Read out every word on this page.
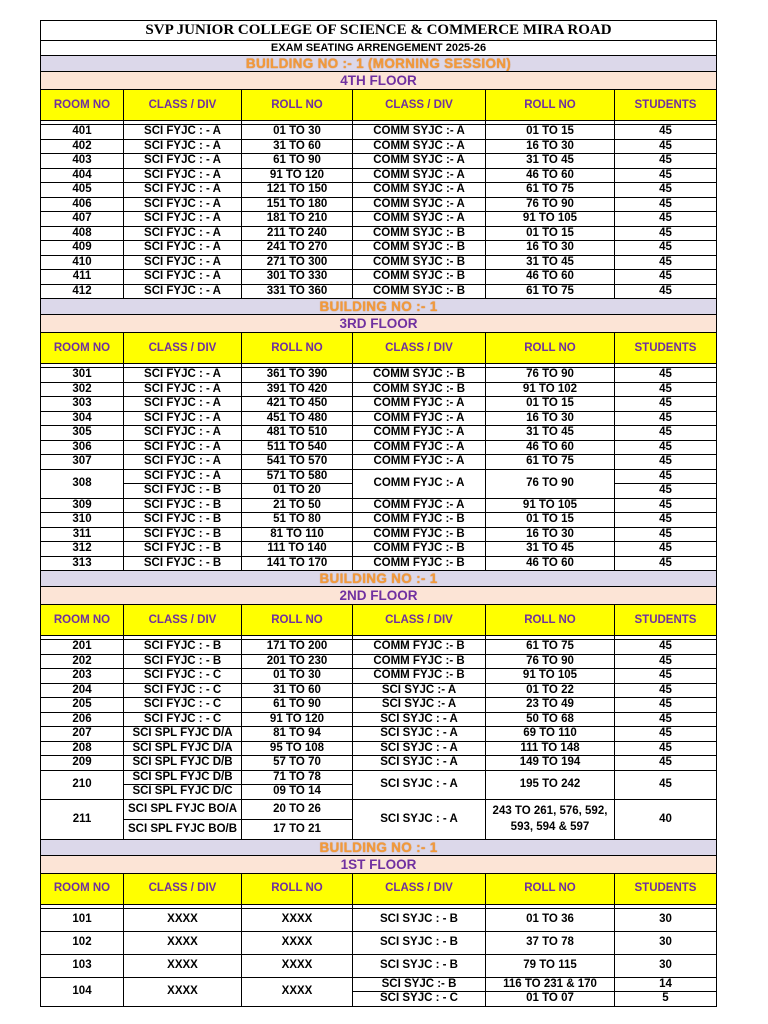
SVP JUNIOR COLLEGE OF SCIENCE & COMMERCE MIRA ROAD					
EXAM SEATING ARRENGEMENT 2025-26					
BUILDING NO :- 1 (MORNING SESSION)					
4TH FLOOR					
ROOM NO	CLASS / DIV	ROLL NO	CLASS / DIV	ROLL NO	STUDENTS

401	SCI FYJC : - A	01 TO 30	COMM SYJC :- A	01 TO 15	45
402	SCI FYJC : - A	31 TO 60	COMM SYJC :- A	16 TO 30	45
403	SCI FYJC : - A	61 TO 90	COMM SYJC :- A	31 TO 45	45
404	SCI FYJC : - A	91 TO 120	COMM SYJC :- A	46 TO 60	45
405	SCI FYJC : - A	121 TO 150	COMM SYJC :- A	61 TO 75	45
406	SCI FYJC : - A	151 TO 180	COMM SYJC :- A	76 TO 90	45
407	SCI FYJC : - A	181 TO 210	COMM SYJC :- A	91 TO 105	45
408	SCI FYJC : - A	211 TO 240	COMM SYJC :- B	01 TO 15	45
409	SCI FYJC : - A	241 TO 270	COMM SYJC :- B	16 TO 30	45
410	SCI FYJC : - A	271 TO 300	COMM SYJC :- B	31 TO 45	45
411	SCI FYJC : - A	301 TO 330	COMM SYJC :- B	46 TO 60	45
412	SCI FYJC : - A	331 TO 360	COMM SYJC :- B	61 TO 75	45
BUILDING NO :- 1					
3RD FLOOR					
ROOM NO	CLASS / DIV	ROLL NO	CLASS / DIV	ROLL NO	STUDENTS

301	SCI FYJC : - A	361 TO 390	COMM SYJC :- B	76 TO 90	45
302	SCI FYJC : - A	391 TO 420	COMM SYJC :- B	91 TO 102	45
303	SCI FYJC : - A	421 TO 450	COMM FYJC :- A	01 TO 15	45
304	SCI FYJC : - A	451 TO 480	COMM FYJC :- A	16 TO 30	45
305	SCI FYJC : - A	481 TO 510	COMM FYJC :- A	31 TO 45	45
306	SCI FYJC : - A	511 TO 540	COMM FYJC :- A	46 TO 60	45
307	SCI FYJC : - A	541 TO 570	COMM FYJC :- A	61 TO 75	45
308	SCI FYJC : - A	571 TO 580	COMM FYJC :- A	76 TO 90	45
	SCI FYJC : - B	01 TO 20			45
309	SCI FYJC : - B	21 TO 50	COMM FYJC :- A	91 TO 105	45
310	SCI FYJC : - B	51 TO 80	COMM FYJC :- B	01 TO 15	45
311	SCI FYJC : - B	81 TO 110	COMM FYJC :- B	16 TO 30	45
312	SCI FYJC : - B	111 TO 140	COMM FYJC :- B	31 TO 45	45
313	SCI FYJC : - B	141 TO 170	COMM FYJC :- B	46 TO 60	45
BUILDING NO :- 1					
2ND FLOOR					
ROOM NO	CLASS / DIV	ROLL NO	CLASS / DIV	ROLL NO	STUDENTS

201	SCI FYJC : - B	171 TO 200	COMM FYJC :- B	61 TO 75	45
202	SCI FYJC : - B	201 TO 230	COMM FYJC :- B	76 TO 90	45
203	SCI FYJC : - C	01 TO 30	COMM FYJC :- B	91 TO 105	45
204	SCI FYJC : - C	31 TO 60	SCI SYJC :- A	01 TO 22	45
205	SCI FYJC : - C	61 TO 90	SCI SYJC :- A	23 TO 49	45
206	SCI FYJC : - C	91 TO 120	SCI SYJC : - A	50 TO 68	45
207	SCI SPL FYJC D/A	81 TO 94	SCI SYJC : - A	69 TO 110	45
208	SCI SPL FYJC D/A	95 TO 108	SCI SYJC : - A	111 TO 148	45
209	SCI SPL FYJC D/B	57 TO 70	SCI SYJC : - A	149 TO 194	45
210	SCI SPL FYJC D/B	71 TO 78	SCI SYJC : - A	195 TO 242	45
	SCI SPL FYJC D/C	09 TO 14			
211	SCI SPL FYJC BO/A	20 TO 26	SCI SYJC : - A	243 TO 261, 576, 592, 593, 594 & 597	40
	SCI SPL FYJC BO/B	17 TO 21			
BUILDING NO :- 1					
1ST FLOOR					
ROOM NO	CLASS / DIV	ROLL NO	CLASS / DIV	ROLL NO	STUDENTS

101	XXXX	XXXX	SCI SYJC : - B	01 TO 36	30
102	XXXX	XXXX	SCI SYJC : - B	37 TO 78	30
103	XXXX	XXXX	SCI SYJC : - B	79 TO 115	30
104	XXXX	XXXX	SCI SYJC :- B	116 TO 231 & 170	14
			SCI SYJC : - C	01 TO 07	5
